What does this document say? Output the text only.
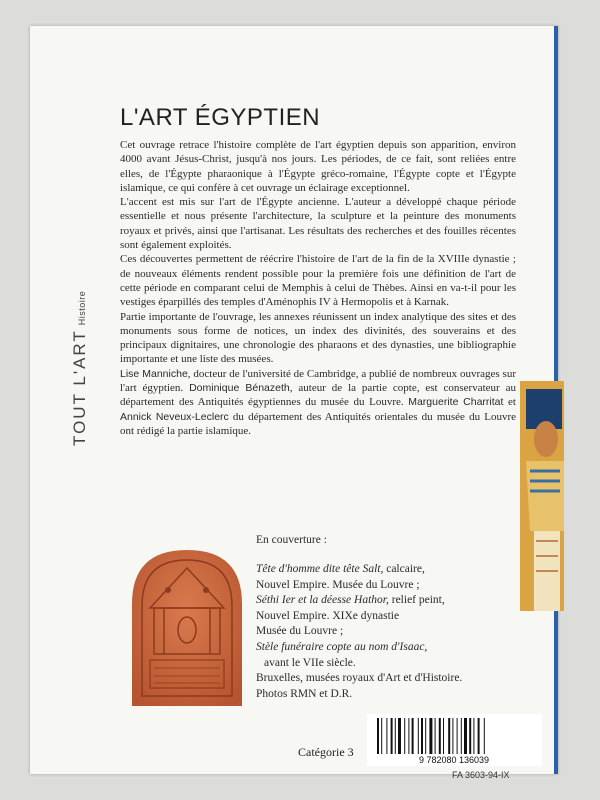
TOUT L'ARTHistoire
L'ART ÉGYPTIEN

Cet ouvrage retrace l'histoire complète de l'art égyptien depuis son apparition, environ 4000 avant Jésus-Christ, jusqu'à nos jours. Les périodes, de ce fait, sont reliées entre elles, de l'Égypte pharaonique à l'Égypte gréco-romaine, l'Égypte copte et l'Égypte islamique, ce qui confère à cet ouvrage un éclairage exceptionnel.

L'accent est mis sur l'art de l'Égypte ancienne. L'auteur a développé chaque période essentielle et nous présente l'architecture, la sculpture et la peinture des monuments royaux et privés, ainsi que l'artisanat. Les résultats des recherches et des fouilles récentes sont également exploités.

Ces découvertes permettent de réécrire l'histoire de l'art de la fin de la XVIIIe dynastie ; de nouveaux éléments rendent possible pour la première fois une définition de l'art de cette période en comparant celui de Memphis à celui de Thèbes. Ainsi en va-t-il pour les vestiges éparpillés des temples d'Aménophis IV à Hermopolis et à Karnak.

Partie importante de l'ouvrage, les annexes réunissent un index analytique des sites et des monuments sous forme de notices, un index des divinités, des souverains et des principaux dignitaires, une chronologie des pharaons et des dynasties, une bibliographie importante et une liste des musées.

Lise Manniche, docteur de l'université de Cambridge, a publié de nombreux ouvrages sur l'art égyptien. Dominique Bénazeth, auteur de la partie copte, est conservateur au département des Antiquités égyptiennes du musée du Louvre. Marguerite Charritat et Annick Neveux-Leclerc du département des Antiquités orientales du musée du Louvre ont rédigé la partie islamique.

En couverture :
Tête d'homme dite tête Salt, calcaire,
Nouvel Empire. Musée du Louvre ;
Séthi Ier et la déesse Hathor, relief peint,
Nouvel Empire. XIXe dynastie
Musée du Louvre ;
Stèle funéraire copte au nom d'Isaac,
avant le VIIe siècle.
Bruxelles, musées royaux d'Art et d'Histoire.
Photos RMN et D.R.
Catégorie 3
9 782080 136039
FA 3603-94-IX
